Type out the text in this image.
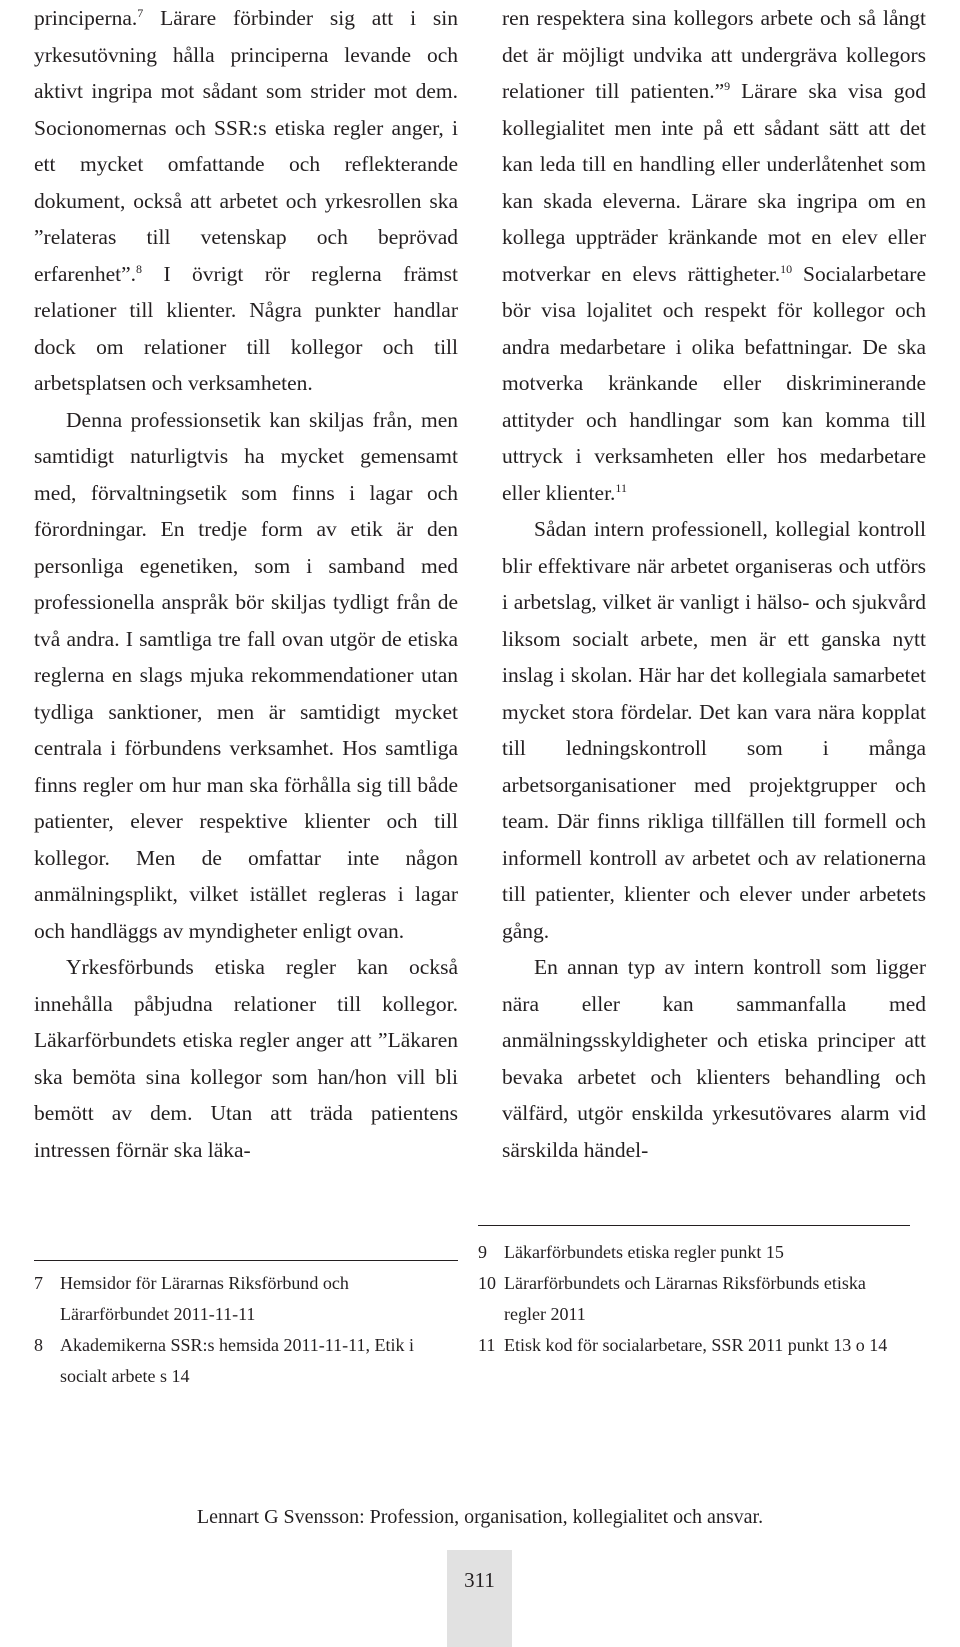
principerna.$^7$ Lärare förbinder sig att i sin yrkesutövning hålla principerna levande och aktivt ingripa mot sådant som strider mot dem. Socionomernas och SSR:s etiska regler anger, i ett mycket omfattande och reflekterande dokument, också att arbetet och yrkesrollen ska ”relateras till vetenskap och beprövad erfarenhet”.$^8$ I övrigt rör reglerna främst relationer till klienter. Några punkter handlar dock om relationer till kollegor och till arbetsplatsen och verksamheten.

Denna professionsetik kan skiljas från, men samtidigt naturligtvis ha mycket gemensamt med, förvaltningsetik som finns i lagar och förordningar. En tredje form av etik är den personliga egenetiken, som i samband med professionella anspråk bör skiljas tydligt från de två andra. I samtliga tre fall ovan utgör de etiska reglerna en slags mjuka rekommendationer utan tydliga sanktioner, men är samtidigt mycket centrala i förbundens verksamhet. Hos samtliga finns regler om hur man ska förhålla sig till både patienter, elever respektive klienter och till kollegor. Men de omfattar inte någon anmälningsplikt, vilket istället regleras i lagar och handläggs av myndigheter enligt ovan.

Yrkesförbunds etiska regler kan också innehålla påbjudna relationer till kollegor. Läkarförbundets etiska regler anger att ”Läkaren ska bemöta sina kollegor som han/hon vill bli bemött av dem. Utan att träda patientens intressen förnär ska läka-

ren respektera sina kollegors arbete och så långt det är möjligt undvika att undergräva kollegors relationer till patienten.”$^9$ Lärare ska visa god kollegialitet men inte på ett sådant sätt att det kan leda till en handling eller underlåtenhet som kan skada eleverna. Lärare ska ingripa om en kollega uppträder kränkande mot en elev eller motverkar en elevs rättigheter.$^{10}$ Socialarbetare bör visa lojalitet och respekt för kollegor och andra medarbetare i olika befattningar. De ska motverka kränkande eller diskriminerande attityder och handlingar som kan komma till uttryck i verksamheten eller hos medarbetare eller klienter.$^{11}$

Sådan intern professionell, kollegial kontroll blir effektivare när arbetet organiseras och utförs i arbetslag, vilket är vanligt i hälso- och sjukvård liksom socialt arbete, men är ett ganska nytt inslag i skolan. Här har det kollegiala samarbetet mycket stora fördelar. Det kan vara nära kopplat till ledningskontroll som i många arbetsorganisationer med projektgrupper och team. Där finns rikliga tillfällen till formell och informell kontroll av arbetet och av relationerna till patienter, klienter och elever under arbetets gång.

En annan typ av intern kontroll som ligger nära eller kan sammanfalla med anmälningsskyldigheter och etiska principer att bevaka arbetet och klienters behandling och välfärd, utgör enskilda yrkesutövares alarm vid särskilda händel-

7 Hemsidor för Lärarnas Riksförbund och Lärarförbundet 2011-11-11
8 Akademikerna SSR:s hemsida 2011-11-11, Etik i socialt arbete s 14
9 Läkarförbundets etiska regler punkt 15
10 Lärarförbundets och Lärarnas Riksförbunds etiska regler 2011
11 Etisk kod för socialarbetare, SSR 2011 punkt 13 o 14
Lennart G Svensson: Profession, organisation, kollegialitet och ansvar.
311
